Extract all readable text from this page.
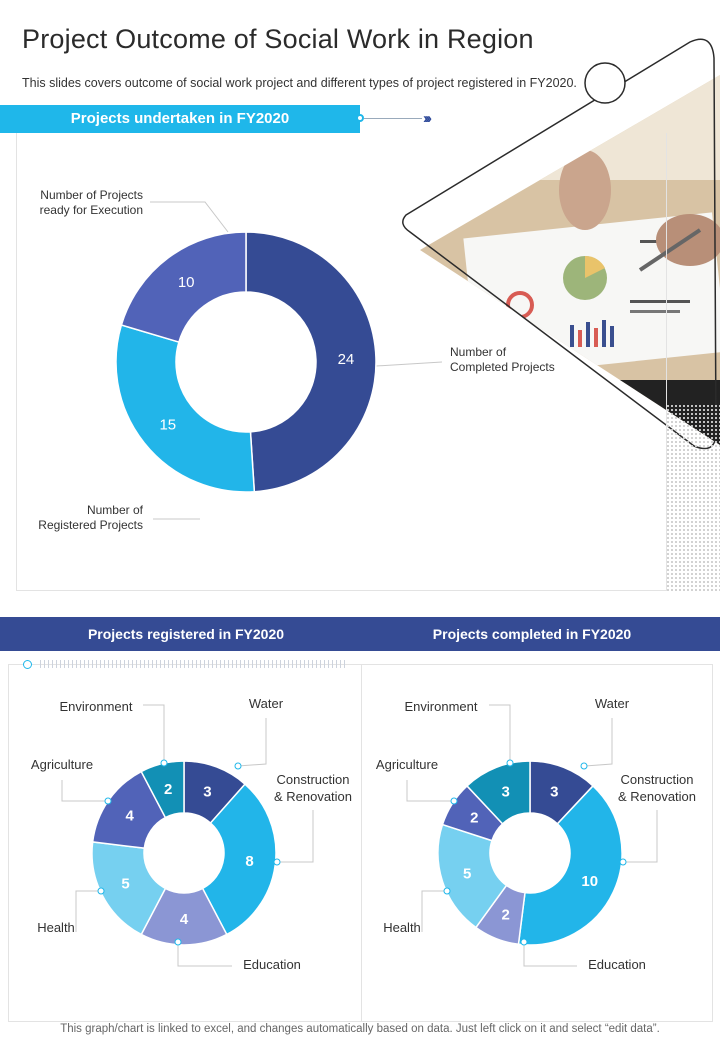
Project Outcome of Social Work in Region
This slides covers outcome of social work project and different types of project registered in FY2020.
Projects undertaken in FY2020	›››
24	Number of
Completed Projects
15
Number of
Registered Projects
10
Number of Projects
ready for Execution
Projects registered in FY2020	Projects completed in FY2020
3
Water
8
Construction
& Renovation
4
Education
5
Health
4
Agriculture
2
Environment
3
Water
10
Construction
& Renovation
2
Education
5
Health
2
Agriculture
3
Environment
This graph/chart is linked to excel, and changes automatically based on data. Just left click on it and select “edit data”.
